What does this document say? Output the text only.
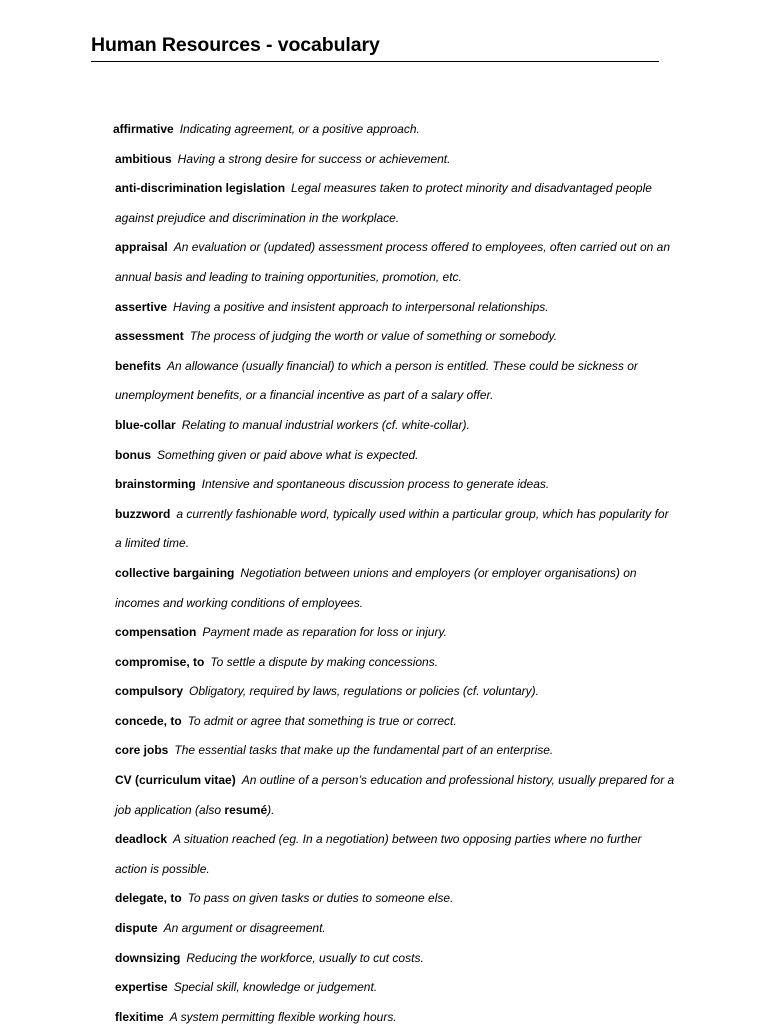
Human Resources - vocabulary

affirmative Indicating agreement, or a positive approach.

ambitious Having a strong desire for success or achievement.

anti-discrimination legislation Legal measures taken to protect minority and disadvantaged people against prejudice and discrimination in the workplace.

appraisal An evaluation or (updated) assessment process offered to employees, often carried out on an annual basis and leading to training opportunities, promotion, etc.

assertive Having a positive and insistent approach to interpersonal relationships.

assessment The process of judging the worth or value of something or somebody.

benefits An allowance (usually financial) to which a person is entitled. These could be sickness or unemployment benefits, or a financial incentive as part of a salary offer.

blue-collar Relating to manual industrial workers (cf. white-collar).

bonus Something given or paid above what is expected.

brainstorming Intensive and spontaneous discussion process to generate ideas.

buzzword a currently fashionable word, typically used within a particular group, which has popularity for a limited time.

collective bargaining Negotiation between unions and employers (or employer organisations) on incomes and working conditions of employees.

compensation Payment made as reparation for loss or injury.

compromise, to To settle a dispute by making concessions.

compulsory Obligatory, required by laws, regulations or policies (cf. voluntary).

concede, to To admit or agree that something is true or correct.

core jobs The essential tasks that make up the fundamental part of an enterprise.

CV (curriculum vitae) An outline of a person’s education and professional history, usually prepared for a job application (also resumé).

deadlock A situation reached (eg. In a negotiation) between two opposing parties where no further action is possible.

delegate, to To pass on given tasks or duties to someone else.

dispute An argument or disagreement.

downsizing Reducing the workforce, usually to cut costs.

expertise Special skill, knowledge or judgement.

flexitime A system permitting flexible working hours.
